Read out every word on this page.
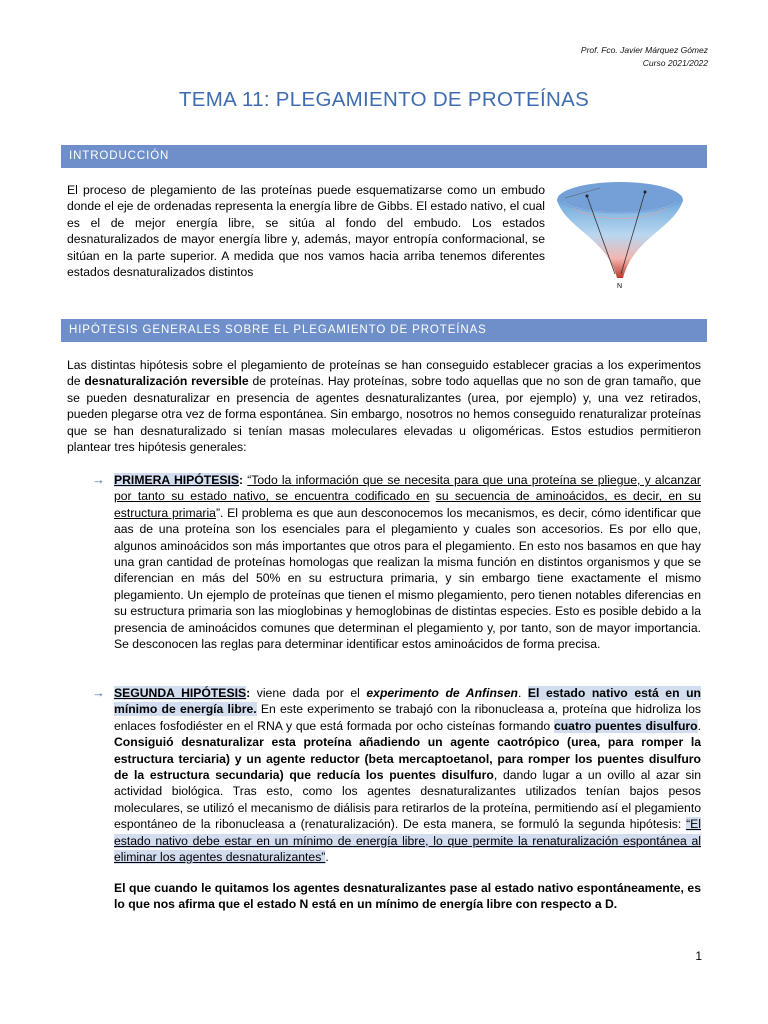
Prof. Fco. Javier Márquez Gómez
Curso 2021/2022
TEMA 11: PLEGAMIENTO DE PROTEÍNAS
INTRODUCCIÓN
El proceso de plegamiento de las proteínas puede esquematizarse como un embudo donde el eje de ordenadas representa la energía libre de Gibbs. El estado nativo, el cual es el de mejor energía libre, se sitúa al fondo del embudo. Los estados desnaturalizados de mayor energía libre y, además, mayor entropía conformacional, se sitúan en la parte superior. A medida que nos vamos hacia arriba tenemos diferentes estados desnaturalizados distintos
N
HIPÓTESIS GENERALES SOBRE EL PLEGAMIENTO DE PROTEÍNAS
Las distintas hipótesis sobre el plegamiento de proteínas se han conseguido establecer gracias a los experimentos de desnaturalización reversible de proteínas. Hay proteínas, sobre todo aquellas que no son de gran tamaño, que se pueden desnaturalizar en presencia de agentes desnaturalizantes (urea, por ejemplo) y, una vez retirados, pueden plegarse otra vez de forma espontánea. Sin embargo, nosotros no hemos conseguido renaturalizar proteínas que se han desnaturalizado si tenían masas moleculares elevadas u oligoméricas. Estos estudios permitieron plantear tres hipótesis generales:
→ PRIMERA HIPÓTESIS: “Todo la información que se necesita para que una proteína se pliegue, y alcanzar por tanto su estado nativo, se encuentra codificado en su secuencia de aminoácidos, es decir, en su estructura primaria”. El problema es que aun desconocemos los mecanismos, es decir, cómo identificar que aas de una proteína son los esenciales para el plegamiento y cuales son accesorios. Es por ello que, algunos aminoácidos son más importantes que otros para el plegamiento. En esto nos basamos en que hay una gran cantidad de proteínas homologas que realizan la misma función en distintos organismos y que se diferencian en más del 50% en su estructura primaria, y sin embargo tiene exactamente el mismo plegamiento. Un ejemplo de proteínas que tienen el mismo plegamiento, pero tienen notables diferencias en su estructura primaria son las mioglobinas y hemoglobinas de distintas especies. Esto es posible debido a la presencia de aminoácidos comunes que determinan el plegamiento y, por tanto, son de mayor importancia. Se desconocen las reglas para determinar identificar estos aminoácidos de forma precisa.
→ SEGUNDA HIPÓTESIS: viene dada por el experimento de Anfinsen. El estado nativo está en un mínimo de energía libre. En este experimento se trabajó con la ribonucleasa a, proteína que hidroliza los enlaces fosfodiéster en el RNA y que está formada por ocho cisteínas formando cuatro puentes disulfuro. Consiguió desnaturalizar esta proteína añadiendo un agente caotrópico (urea, para romper la estructura terciaria) y un agente reductor (beta mercaptoetanol, para romper los puentes disulfuro de la estructura secundaria) que reducía los puentes disulfuro, dando lugar a un ovillo al azar sin actividad biológica. Tras esto, como los agentes desnaturalizantes utilizados tenían bajos pesos moleculares, se utilizó el mecanismo de diálisis para retirarlos de la proteína, permitiendo así el plegamiento espontáneo de la ribonucleasa a (renaturalización). De esta manera, se formuló la segunda hipótesis: “El estado nativo debe estar en un mínimo de energía libre, lo que permite la renaturalización espontánea al eliminar los agentes desnaturalizantes”.
El que cuando le quitamos los agentes desnaturalizantes pase al estado nativo espontáneamente, es lo que nos afirma que el estado N está en un mínimo de energía libre con respecto a D.
1
